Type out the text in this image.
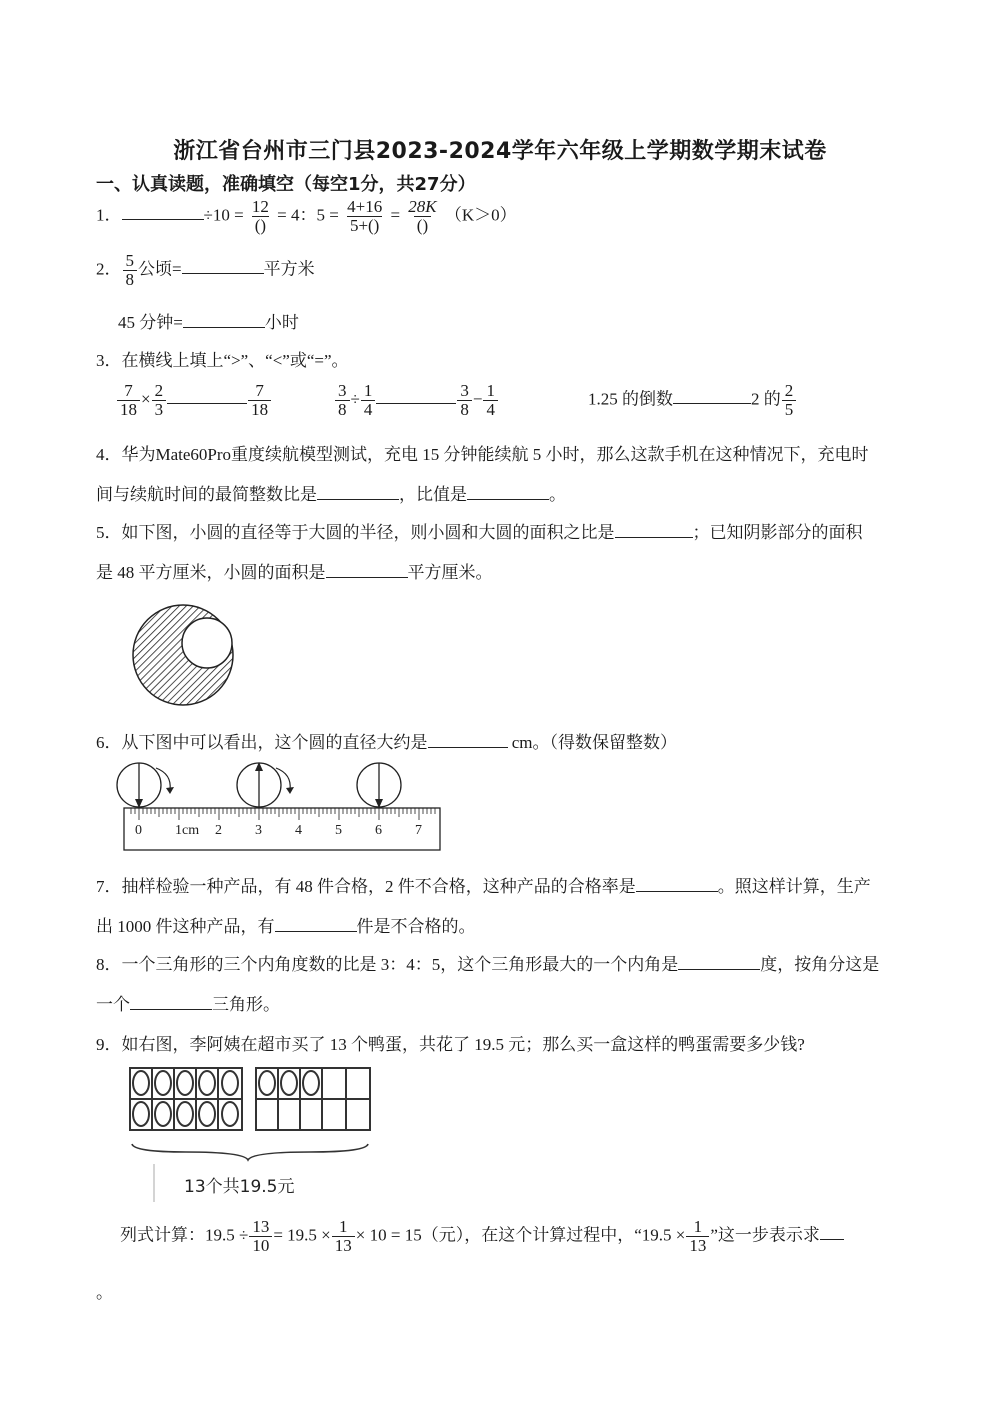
浙江省台州市三门县2023-2024学年六年级上学期数学期末试卷
一、认真读题，准确填空（每空1分，共27分）
1．	÷10 = 12
()
= 4：$5 = \frac{4+16}{5+()} = 28K$
()
（K＞0）
2． $\frac{5}{8}$ 公顷=	平方米
45 分钟=	小时
3．在横线上填上“>”、“<”或“=”。
$\frac{7}{18} \times \frac{2}{3}$	$\frac{7}{18}$	$\frac{3}{8} \div \frac{1}{4}$	$\frac{3}{8} - \frac{1}{4}$	1.25 的倒数	2 的 $\frac{2}{5}$
4．华为Mate60Pro重度续航模型测试，充电 15 分钟能续航 5 小时，那么这款手机在这种情况下，充电时
间与续航时间的最简整数比是	，比值是	。
5．如下图，小圆的直径等于大圆的半径，则小圆和大圆的面积之比是	；已知阴影部分的面积
是 48 平方厘米，小圆的面积是	平方厘米。
6．从下图中可以看出，这个圆的直径大约是	cm。（得数保留整数）
0 1cm 2 3 4 5 6 7
7．抽样检验一种产品，有 48 件合格，2 件不合格，这种产品的合格率是	。照这样计算，生产
出 1000 件这种产品，有	件是不合格的。
8．一个三角形的三个内角度数的比是 3：4：5，这个三角形最大的一个内角是	度，按角分这是
一个	三角形。
9．如右图，李阿姨在超市买了 13 个鸭蛋，共花了 19.5 元；那么买一盒这样的鸭蛋需要多少钱?
13个共19.5元
列式计算：$19.5 \div \frac{13}{10} = 19.5 \times \frac{1}{13} \times 10 = 15$（元），在这个计算过程中，“$19.5 \times \frac{1}{13}$ ”这一步表示求
。
